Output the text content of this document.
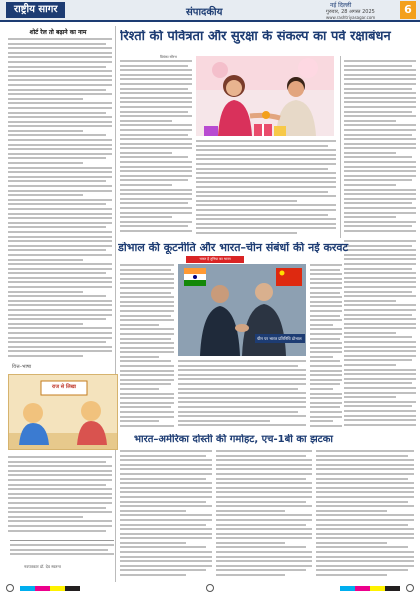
राष्ट्रीय सागर	संपादकीय
नई दिल्ली
गुरुवार, 28 अगस्त 2025
www.rashtriyasagar.com
6
शोर्ट रेल तो बढ़ाने का नाम	रिश्तों की पवित्रता और सुरक्षा के संकल्प का पर्व रक्षाबंधन
प्रियंका सौरभ
डोभाल की कूटनीति और भारत–चीन संबंधों की नई करवट
भारत है तुनिया का भारत
चीन पर भारत प्रतिनिधि डोभाल
वित्त–भाषा
राज से लिखा
भारत–अमेरिका दोस्ती की गर्माहट, एच-1बी का झटका
नवपत्रकार डॉ. देव स्वतन्त्र
